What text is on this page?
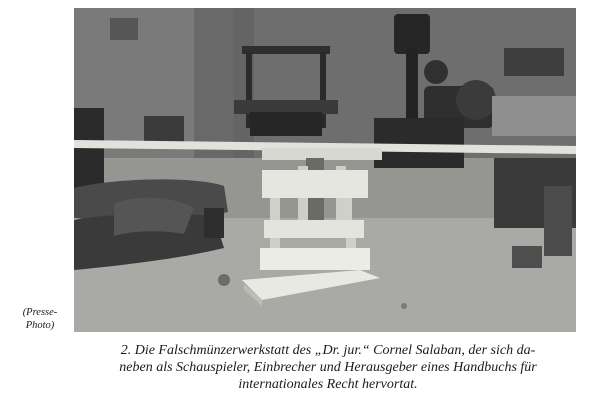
(Presse-
Photo)

2. Die Falschmünzerwerkstatt des „Dr. jur.“ Cornel Salaban, der sich da-

neben als Schauspieler, Einbrecher und Herausgeber eines Handbuchs für

internationales Recht hervortat.
